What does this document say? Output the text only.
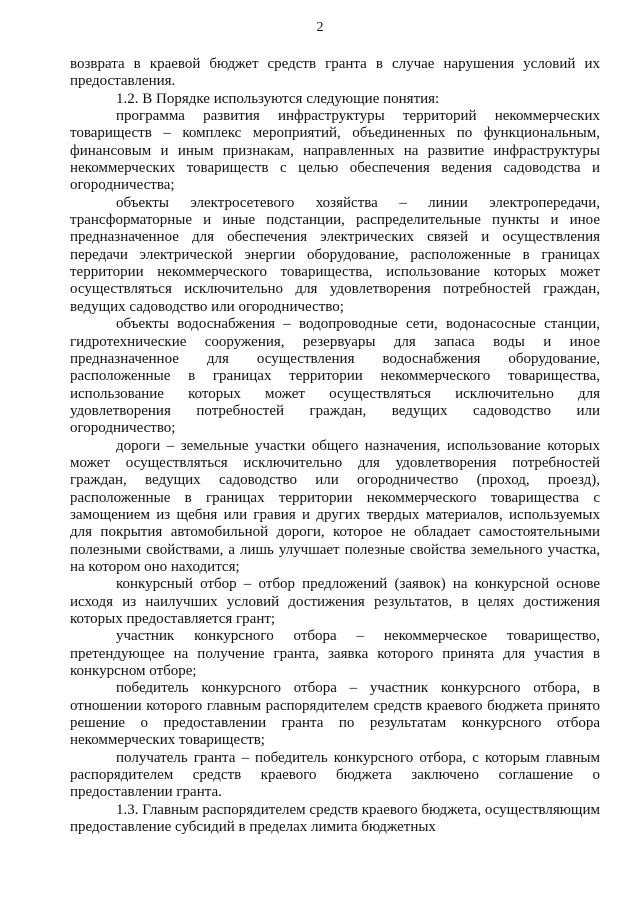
2

возврата в краевой бюджет средств гранта в случае нарушения условий их предоставления.

1.2. В Порядке используются следующие понятия:

программа развития инфраструктуры территорий некоммерческих товариществ – комплекс мероприятий, объединенных по функциональным, финансовым и иным признакам, направленных на развитие инфраструктуры некоммерческих товариществ с целью обеспечения ведения садоводства и огородничества;

объекты электросетевого хозяйства – линии электропередачи, трансформаторные и иные подстанции, распределительные пункты и иное предназначенное для обеспечения электрических связей и осуществления передачи электрической энергии оборудование, расположенные в границах территории некоммерческого товарищества, использование которых может осуществляться исключительно для удовлетворения потребностей граждан, ведущих садоводство или огородничество;

объекты водоснабжения – водопроводные сети, водонасосные станции, гидротехнические сооружения, резервуары для запаса воды и иное предназначенное для осуществления водоснабжения оборудование, расположенные в границах территории некоммерческого товарищества, использование которых может осуществляться исключительно для удовлетворения потребностей граждан, ведущих садоводство или огородничество;

дороги – земельные участки общего назначения, использование которых может осуществляться исключительно для удовлетворения потребностей граждан, ведущих садоводство или огородничество (проход, проезд), расположенные в границах территории некоммерческого товарищества с замощением из щебня или гравия и других твердых материалов, используемых для покрытия автомобильной дороги, которое не обладает самостоятельными полезными свойствами, а лишь улучшает полезные свойства земельного участка, на котором оно находится;

конкурсный отбор – отбор предложений (заявок) на конкурсной основе исходя из наилучших условий достижения результатов, в целях достижения которых предоставляется грант;

участник конкурсного отбора – некоммерческое товарищество, претендующее на получение гранта, заявка которого принята для участия в конкурсном отборе;

победитель конкурсного отбора – участник конкурсного отбора, в отношении которого главным распорядителем средств краевого бюджета принято решение о предоставлении гранта по результатам конкурсного отбора некоммерческих товариществ;

получатель гранта – победитель конкурсного отбора, с которым главным распорядителем средств краевого бюджета заключено соглашение о предоставлении гранта.

1.3. Главным распорядителем средств краевого бюджета, осуществляющим предоставление субсидий в пределах лимита бюджетных
